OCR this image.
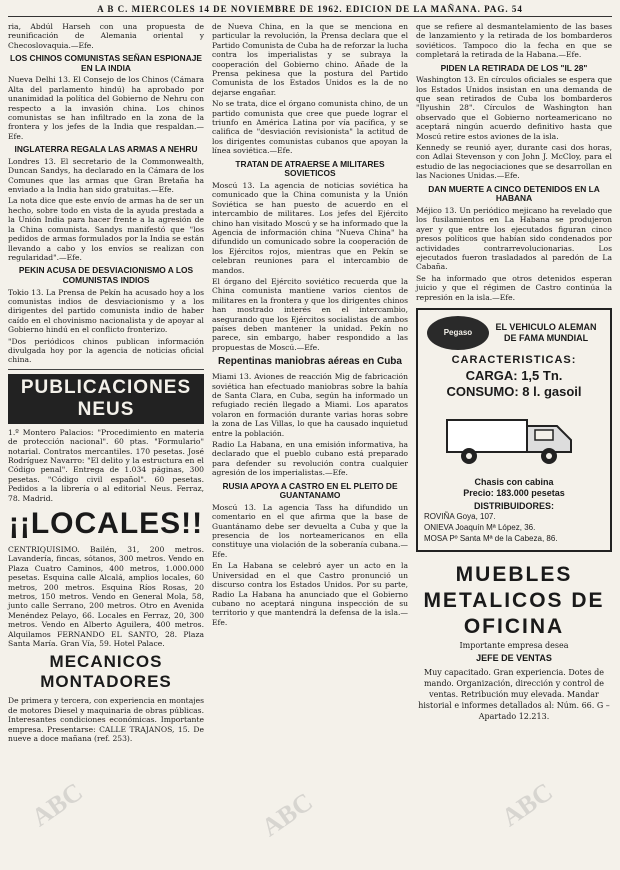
A B C. MIERCOLES 14 DE NOVIEMBRE DE 1962. EDICION DE LA MAÑANA. PAG. 54

ria, Abdúl Harseh con una propuesta de reunificación de Alemania oriental y Checoslovaquia.—Efe.

LOS CHINOS COMUNISTAS SEÑAN ESPIONAJE EN LA INDIA

Nueva Delhi 13. El Consejo de los Chinos (Cámara Alta del parlamento hindú) ha aprobado por unanimidad la política del Gobierno de Nehru con respecto a la invasión china. Los chinos comunistas se han infiltrado en la zona de la frontera y los jefes de la India que respaldan.—Efe.

INGLATERRA REGALA LAS ARMAS A NEHRU

Londres 13. El secretario de la Commonwealth, Duncan Sandys, ha declarado en la Cámara de los Comunes que las armas que Gran Bretaña ha enviado a la India han sido gratuitas.—Efe.

La nota dice que este envío de armas ha de ser un hecho, sobre todo en vista de la ayuda prestada a la Unión India para hacer frente a la agresión de la China comunista. Sandys manifestó que "los pedidos de armas formulados por la India se están llevando a cabo y los envíos se realizan con regularidad".—Efe.

PEKIN ACUSA DE DESVIACIONISMO A LOS COMUNISTAS INDIOS

Tokio 13. La Prensa de Pekín ha acusado hoy a los comunistas indios de desviacionismo y a los dirigentes del partido comunista indio de haber caído en el chovinismo nacionalista y de apoyar al Gobierno hindú en el conflicto fronterizo.

"Dos periódicos chinos publican información divulgada hoy por la agencia de noticias oficial china.

PUBLICACIONES NEUS

1.º Montero Palacios: "Procedimiento en materia de protección nacional". 60 ptas. "Formulario" notarial. Contratos mercantiles. 170 pesetas. José Rodríguez Navarro: "El delito y la estructura en el Código penal". Entrega de 1.034 páginas, 300 pesetas. "Código civil español". 60 pesetas. Pedidos a la librería o al editorial Neus. Ferraz, 78. Madrid.

¡¡LOCALES!!

CENTRIQUISIMO. Bailén, 31, 200 metros. Lavandería, fincas, sótanos, 300 metros. Vendo en Plaza Cuatro Caminos, 400 metros, 1.000.000 pesetas. Esquina calle Alcalá, amplios locales, 60 metros, 200 metros. Esquina Ríos Rosas, 20 metros, 150 metros. Vendo en General Mola, 58, junto calle Serrano, 200 metros. Otro en Avenida Menéndez Pelayo, 66. Locales en Ferraz, 20, 300 metros. Vendo en Alberto Aguilera, 400 metros. Alquilamos FERNANDO EL SANTO, 28. Plaza Santa María. Gran Vía, 59. Hotel Palace.

MECANICOS MONTADORES

De primera y tercera, con experiencia en montajes de motores Diesel y maquinaria de obras públicas. Interesantes condiciones económicas. Importante empresa. Presentarse: CALLE TRAJANOS, 15. De nueve a doce mañana (ref. 253).

de Nueva China, en la que se menciona en particular la revolución, la Prensa declara que el Partido Comunista de Cuba ha de reforzar la lucha contra los imperialistas y se subraya la cooperación del Gobierno chino. Añade de la Prensa pekinesa que la postura del Partido Comunista de los Estados Unidos es la de no dejarse engañar.

No se trata, dice el órgano comunista chino, de un partido comunista que cree que puede lograr el triunfo en América Latina por vía pacífica, y se califica de "desviación revisionista" la actitud de los dirigentes comunistas cubanos que apoyan la línea soviética.—Efe.

TRATAN DE ATRAERSE A MILITARES SOVIETICOS

Moscú 13. La agencia de noticias soviética ha comunicado que la China comunista y la Unión Soviética se han puesto de acuerdo en el intercambio de militares. Los jefes del Ejército chino han visitado Moscú y se ha informado que la Agencia de información china "Nueva China" ha difundido un comunicado sobre la cooperación de los Ejércitos rojos, mientras que en Pekín se celebran reuniones para el intercambio de mandos.

El órgano del Ejército soviético recuerda que la China comunista mantiene varios cientos de militares en la frontera y que los dirigentes chinos han mostrado interés en el intercambio, asegurando que los Ejércitos socialistas de ambos países deben mantener la unidad. Pekín no parece, sin embargo, haber respondido a las propuestas de Moscú.—Efe.

Repentinas maniobras aéreas en Cuba

Miami 13. Aviones de reacción Mig de fabricación soviética han efectuado maniobras sobre la bahía de Santa Clara, en Cuba, según ha informado un refugiado recién llegado a Miami. Los aparatos volaron en formación durante varias horas sobre la zona de Las Villas, lo que ha causado inquietud entre la población.

Radio La Habana, en una emisión informativa, ha declarado que el pueblo cubano está preparado para defender su revolución contra cualquier agresión de los imperialistas.—Efe.

RUSIA APOYA A CASTRO EN EL PLEITO DE GUANTANAMO

Moscú 13. La agencia Tass ha difundido un comentario en el que afirma que la base de Guantánamo debe ser devuelta a Cuba y que la presencia de los norteamericanos en ella constituye una violación de la soberanía cubana.—Efe.

En La Habana se celebró ayer un acto en la Universidad en el que Castro pronunció un discurso contra los Estados Unidos. Por su parte, Radio La Habana ha anunciado que el Gobierno cubano no aceptará ninguna inspección de su territorio y que mantendrá la defensa de la isla.—Efe.

que se refiere al desmantelamiento de las bases de lanzamiento y la retirada de los bombarderos soviéticos. Tampoco dio la fecha en que se completará la retirada de la Habana.—Efe.

PIDEN LA RETIRADA DE LOS "IL 28"

Washington 13. En círculos oficiales se espera que los Estados Unidos insistan en una demanda de que sean retirados de Cuba los bombarderos "Ilyushin 28". Círculos de Washington han observado que el Gobierno norteamericano no aceptará ningún acuerdo definitivo hasta que Moscú retire estos aviones de la isla.

Kennedy se reunió ayer, durante casi dos horas, con Adlai Stevenson y con John J. McCloy, para el estudio de las negociaciones que se desarrollan en las Naciones Unidas.—Efe.

DAN MUERTE A CINCO DETENIDOS EN LA HABANA

Méjico 13. Un periódico mejicano ha revelado que los fusilamientos en La Habana se produjeron ayer y que entre los ejecutados figuran cinco presos políticos que habían sido condenados por actividades contrarrevolucionarias. Los ejecutados fueron trasladados al paredón de La Cabaña.

Se ha informado que otros detenidos esperan juicio y que el régimen de Castro continúa la represión en la isla.—Efe.

Pegaso EL VEHICULO ALEMAN DE FAMA MUNDIAL
CARACTERISTICAS:
CARGA: 1,5 Tn.
CONSUMO: 8 l. gasoil
Chasis con cabina
Precio: 183.000 pesetas
DISTRIBUIDORES:
ROVIÑA Goya, 107.
ONIEVA Joaquín Mª López, 36.
MOSA Pº Santa Mª de la Cabeza, 86.
MUEBLES METALICOS DE OFICINA
Importante empresa desea
JEFE DE VENTAS

Muy capacitado. Gran experiencia. Dotes de mando. Organización, dirección y control de ventas. Retribución muy elevada. Mandar historial e informes detallados al: Núm. 66. G – Apartado 12.213.

ABC	ABC	ABC
